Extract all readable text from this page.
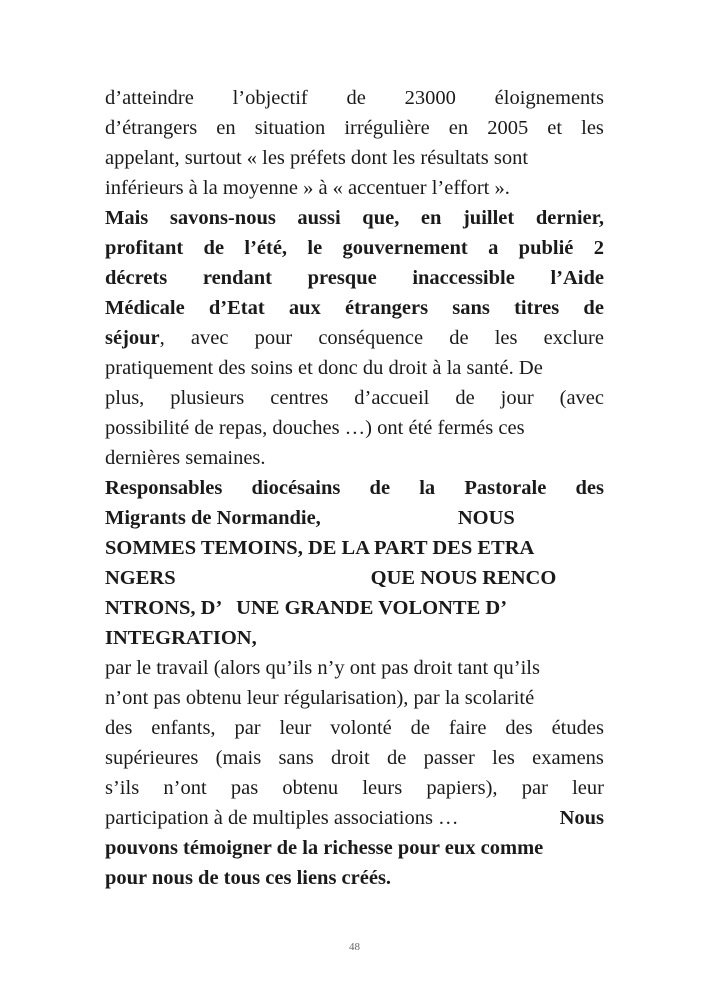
d’atteindre l’objectif de 23000 éloignements
d’étrangers en situation irrégulière en 2005 et les
appelant, surtout « les préfets dont les résultats sont
inférieurs à la moyenne » à « accentuer l’effort ».
Mais savons-nous aussi que, en juillet dernier,
profitant de l’été, le gouvernement a publié 2
décrets rendant presque inaccessible l’Aide
Médicale d’Etat aux étrangers sans titres de
séjour, avec pour conséquence de les exclure
pratiquement des soins et donc du droit à la santé. De
plus, plusieurs centres d’accueil de jour (avec
possibilité de repas, douches …) ont été fermés ces
dernières semaines.
Responsables diocésains de la Pastorale des
Migrants de Normandie,	NOUS
SOMMES TEMOINS, DE LA PART DES ETRA
NGERS	QUE NOUS RENCO
NTRONS, D’   UNE GRANDE VOLONTE D’
INTEGRATION,
par le travail (alors qu’ils n’y ont pas droit tant qu’ils
n’ont pas obtenu leur régularisation), par la scolarité
des enfants, par leur volonté de faire des études
supérieures (mais sans droit de passer les examens
s’ils n’ont pas obtenu leurs papiers), par leur
participation à de multiples associations …	Nous
pouvons témoigner de la richesse pour eux comme
pour nous de tous ces liens créés.
48
